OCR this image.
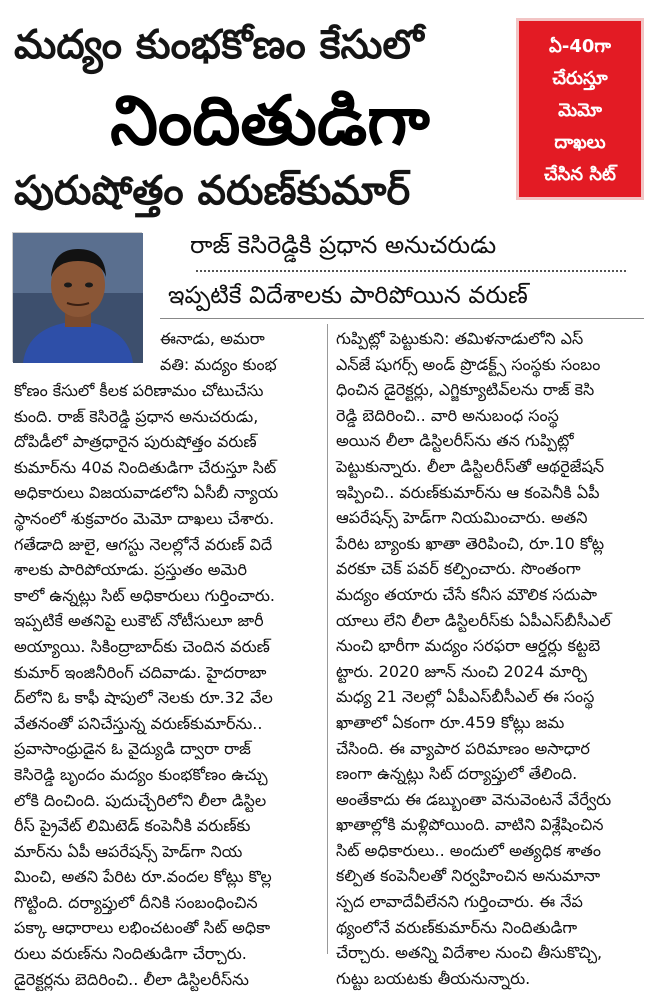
మద్యం కుంభకోణం కేసులో
నిందితుడిగా
పురుషోత్తం వరుణ్‌కుమార్
ఏ-40గా
చేరుస్తూ
మెమో
దాఖలు
చేసిన సిట్
రాజ్ కెసిరెడ్డికి ప్రధాన అనుచరుడు
ఇప్పటికే విదేశాలకు పారిపోయిన వరుణ్
ఈనాడు, అమరా
వతి: మద్యం కుంభ
కోణం కేసులో కీలక పరిణామం చోటుచేసు
కుంది. రాజ్ కెసిరెడ్డి ప్రధాన అనుచరుడు,
దోపిడీలో పాత్రధారైన పురుషోత్తం వరుణ్
కుమార్‌ను 40వ నిందితుడిగా చేరుస్తూ సిట్
అధికారులు విజయవాడలోని ఏసీబీ న్యాయ
స్థానంలో శుక్రవారం మెమో దాఖలు చేశారు.
గతేడాది జులై, ఆగస్టు నెలల్లోనే వరుణ్ విదే
శాలకు పారిపోయాడు. ప్రస్తుతం అమెరి
కాలో ఉన్నట్లు సిట్ అధికారులు గుర్తించారు.
ఇప్పటికే అతనిపై లుకౌట్ నోటీసులూ జారీ
అయ్యాయి. సికింద్రాబాద్‌కు చెందిన వరుణ్
కుమార్ ఇంజినీరింగ్ చదివాడు. హైదరాబా
ద్‌లోని ఓ కాఫీ షాపులో నెలకు రూ.32 వేల
వేతనంతో పనిచేస్తున్న వరుణ్‌కుమార్‌ను..
ప్రవాసాంధ్రుడైన ఓ వైద్యుడి ద్వారా రాజ్
కెసిరెడ్డి బృందం మద్యం కుంభకోణం ఉచ్చు
లోకి దించింది. పుదుచ్చేరిలోని లీలా డిస్టిల
రీస్ ప్రైవేట్ లిమిటెడ్ కంపెనీకి వరుణ్‌కు
మార్‌ను ఏపీ ఆపరేషన్స్ హెడ్‌గా నియ
మించి, అతని పేరిట రూ.వందల కోట్లు కొల్ల
గొట్టింది. దర్యాప్తులో దీనికి సంబంధించిన
పక్కా ఆధారాలు లభించటంతో సిట్ అధికా
రులు వరుణ్‌ను నిందితుడిగా చేర్చారు.
డైరెక్టర్లను బెదిరించి.. లీలా డిస్టిలరీస్‌ను
గుప్పిట్లో పెట్టుకుని: తమిళనాడులోని ఎస్
ఎన్‌జే షుగర్స్ అండ్ ప్రొడక్ట్స్ సంస్థకు సంబం
ధించిన డైరెక్టర్లు, ఎగ్జిక్యూటివ్‌లను రాజ్ కెసి
రెడ్డి బెదిరించి.. వారి అనుబంధ సంస్థ
అయిన లీలా డిస్టిలరీస్‌ను తన గుప్పిట్లో
పెట్టుకున్నారు. లీలా డిస్టిలరీస్‌తో ఆథరైజేషన్
ఇప్పించి.. వరుణ్‌కుమార్‌ను ఆ కంపెనీకి ఏపీ
ఆపరేషన్స్ హెడ్‌గా నియమించారు. అతని
పేరిట బ్యాంకు ఖాతా తెరిపించి, రూ.10 కోట్ల
వరకూ చెక్ పవర్ కల్పించారు. సొంతంగా
మద్యం తయారు చేసే కనీస మౌలిక సదుపా
యాలు లేని లీలా డిస్టిలరీస్‌కు ఏపీఎస్‌బీసీఎల్
నుంచి భారీగా మద్యం సరఫరా ఆర్డర్లు కట్టబె
ట్టారు. 2020 జూన్ నుంచి 2024 మార్చి
మధ్య 21 నెలల్లో ఏపీఎస్‌బీసీఎల్ ఈ సంస్థ
ఖాతాలో ఏకంగా రూ.459 కోట్లు జమ
చేసింది. ఈ వ్యాపార పరిమాణం అసాధార
ణంగా ఉన్నట్లు సిట్ దర్యాప్తులో తేలింది.
అంతేకాదు ఈ డబ్బుంతా వెనువెంటనే వేర్వేరు
ఖాతాల్లోకి మళ్లిపోయింది. వాటిని విశ్లేషించిన
సిట్ అధికారులు.. అందులో అత్యధిక శాతం
కల్పిత కంపెనీలతో నిర్వహించిన అనుమానా
స్పద లావాదేవీలేనని గుర్తించారు. ఈ నేప
థ్యంలోనే వరుణ్‌కుమార్‌ను నిందితుడిగా
చేర్చారు. అతన్ని విదేశాల నుంచి తీసుకొచ్చి,
గుట్టు బయటకు తీయనున్నారు.
